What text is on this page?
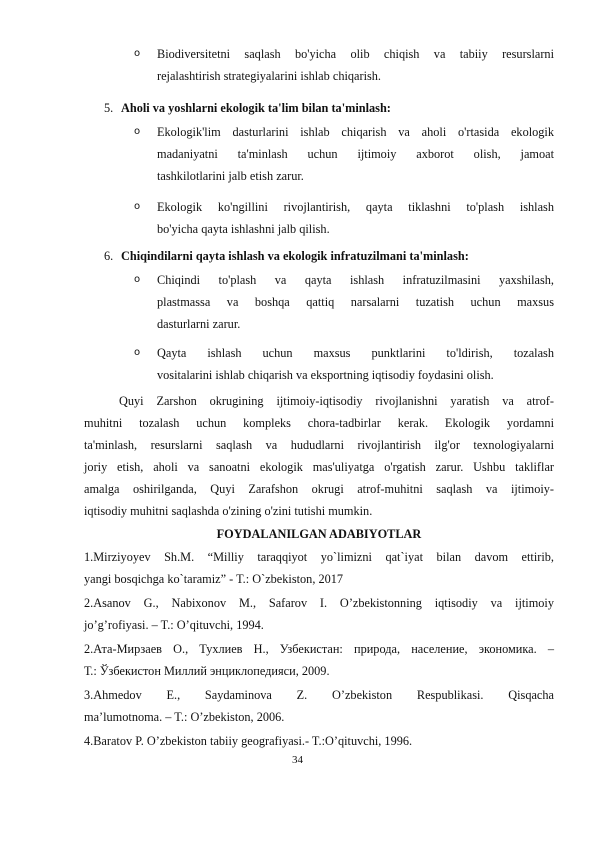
o	Biodiversitetni saqlash bo'yicha olib chiqish va tabiiy resurslarni
rejalashtirish strategiyalarini ishlab chiqarish.
5. Aholi va yoshlarni ekologik ta'lim bilan ta'minlash:
o	Ekologik'lim dasturlarini ishlab chiqarish va aholi o'rtasida ekologik
madaniyatni ta'minlash uchun ijtimoiy axborot olish, jamoat
tashkilotlarini jalb etish zarur.
o	Ekologik ko'ngillini rivojlantirish, qayta tiklashni to'plash ishlash
bo'yicha qayta ishlashni jalb qilish.
6. Chiqindilarni qayta ishlash va ekologik infratuzilmani ta'minlash:
o	Chiqindi to'plash va qayta ishlash infratuzilmasini yaxshilash,
plastmassa va boshqa qattiq narsalarni tuzatish uchun maxsus
dasturlarni zarur.
o	Qayta ishlash uchun maxsus punktlarini to'ldirish, tozalash
vositalarini ishlab chiqarish va eksportning iqtisodiy foydasini olish.
Quyi Zarshon okrugining ijtimoiy-iqtisodiy rivojlanishni yaratish va atrof-
muhitni tozalash uchun kompleks chora-tadbirlar kerak. Ekologik yordamni
ta'minlash, resurslarni saqlash va hududlarni rivojlantirish ilg'or texnologiyalarni
joriy etish, aholi va sanoatni ekologik mas'uliyatga o'rgatish zarur. Ushbu takliflar
amalga oshirilganda, Quyi Zarafshon okrugi atrof-muhitni saqlash va ijtimoiy-
iqtisodiy muhitni saqlashda o'zining o'zini tutishi mumkin.
FOYDALANILGAN ADABIYOTLAR
1.Mirziyoyev Sh.M. “Milliy taraqqiyot yo`limizni qat`iyat bilan davom ettirib,
yangi bosqichga ko`taramiz” - T.: O`zbekiston, 2017
2.Asanov G., Nabixonov M., Safarov I. O’zbekistonning iqtisodiy va ijtimoiy
jo’g’rofiyasi. – T.: O’qituvchi, 1994.
2.Ата-Мирзаев О., Тухлиев Н., Узбекистан: природа, население, экономика. –
Т.: Ўзбекистон Миллий энциклопедияси, 2009.
3.Ahmedov E., Saydaminova Z. O’zbekiston Respublikasi. Qisqacha
ma’lumotnoma. – T.: O’zbekiston, 2006.
4.Baratov P. O’zbekiston tabiiy geografiyasi.- T.:O’qituvchi, 1996.
34
